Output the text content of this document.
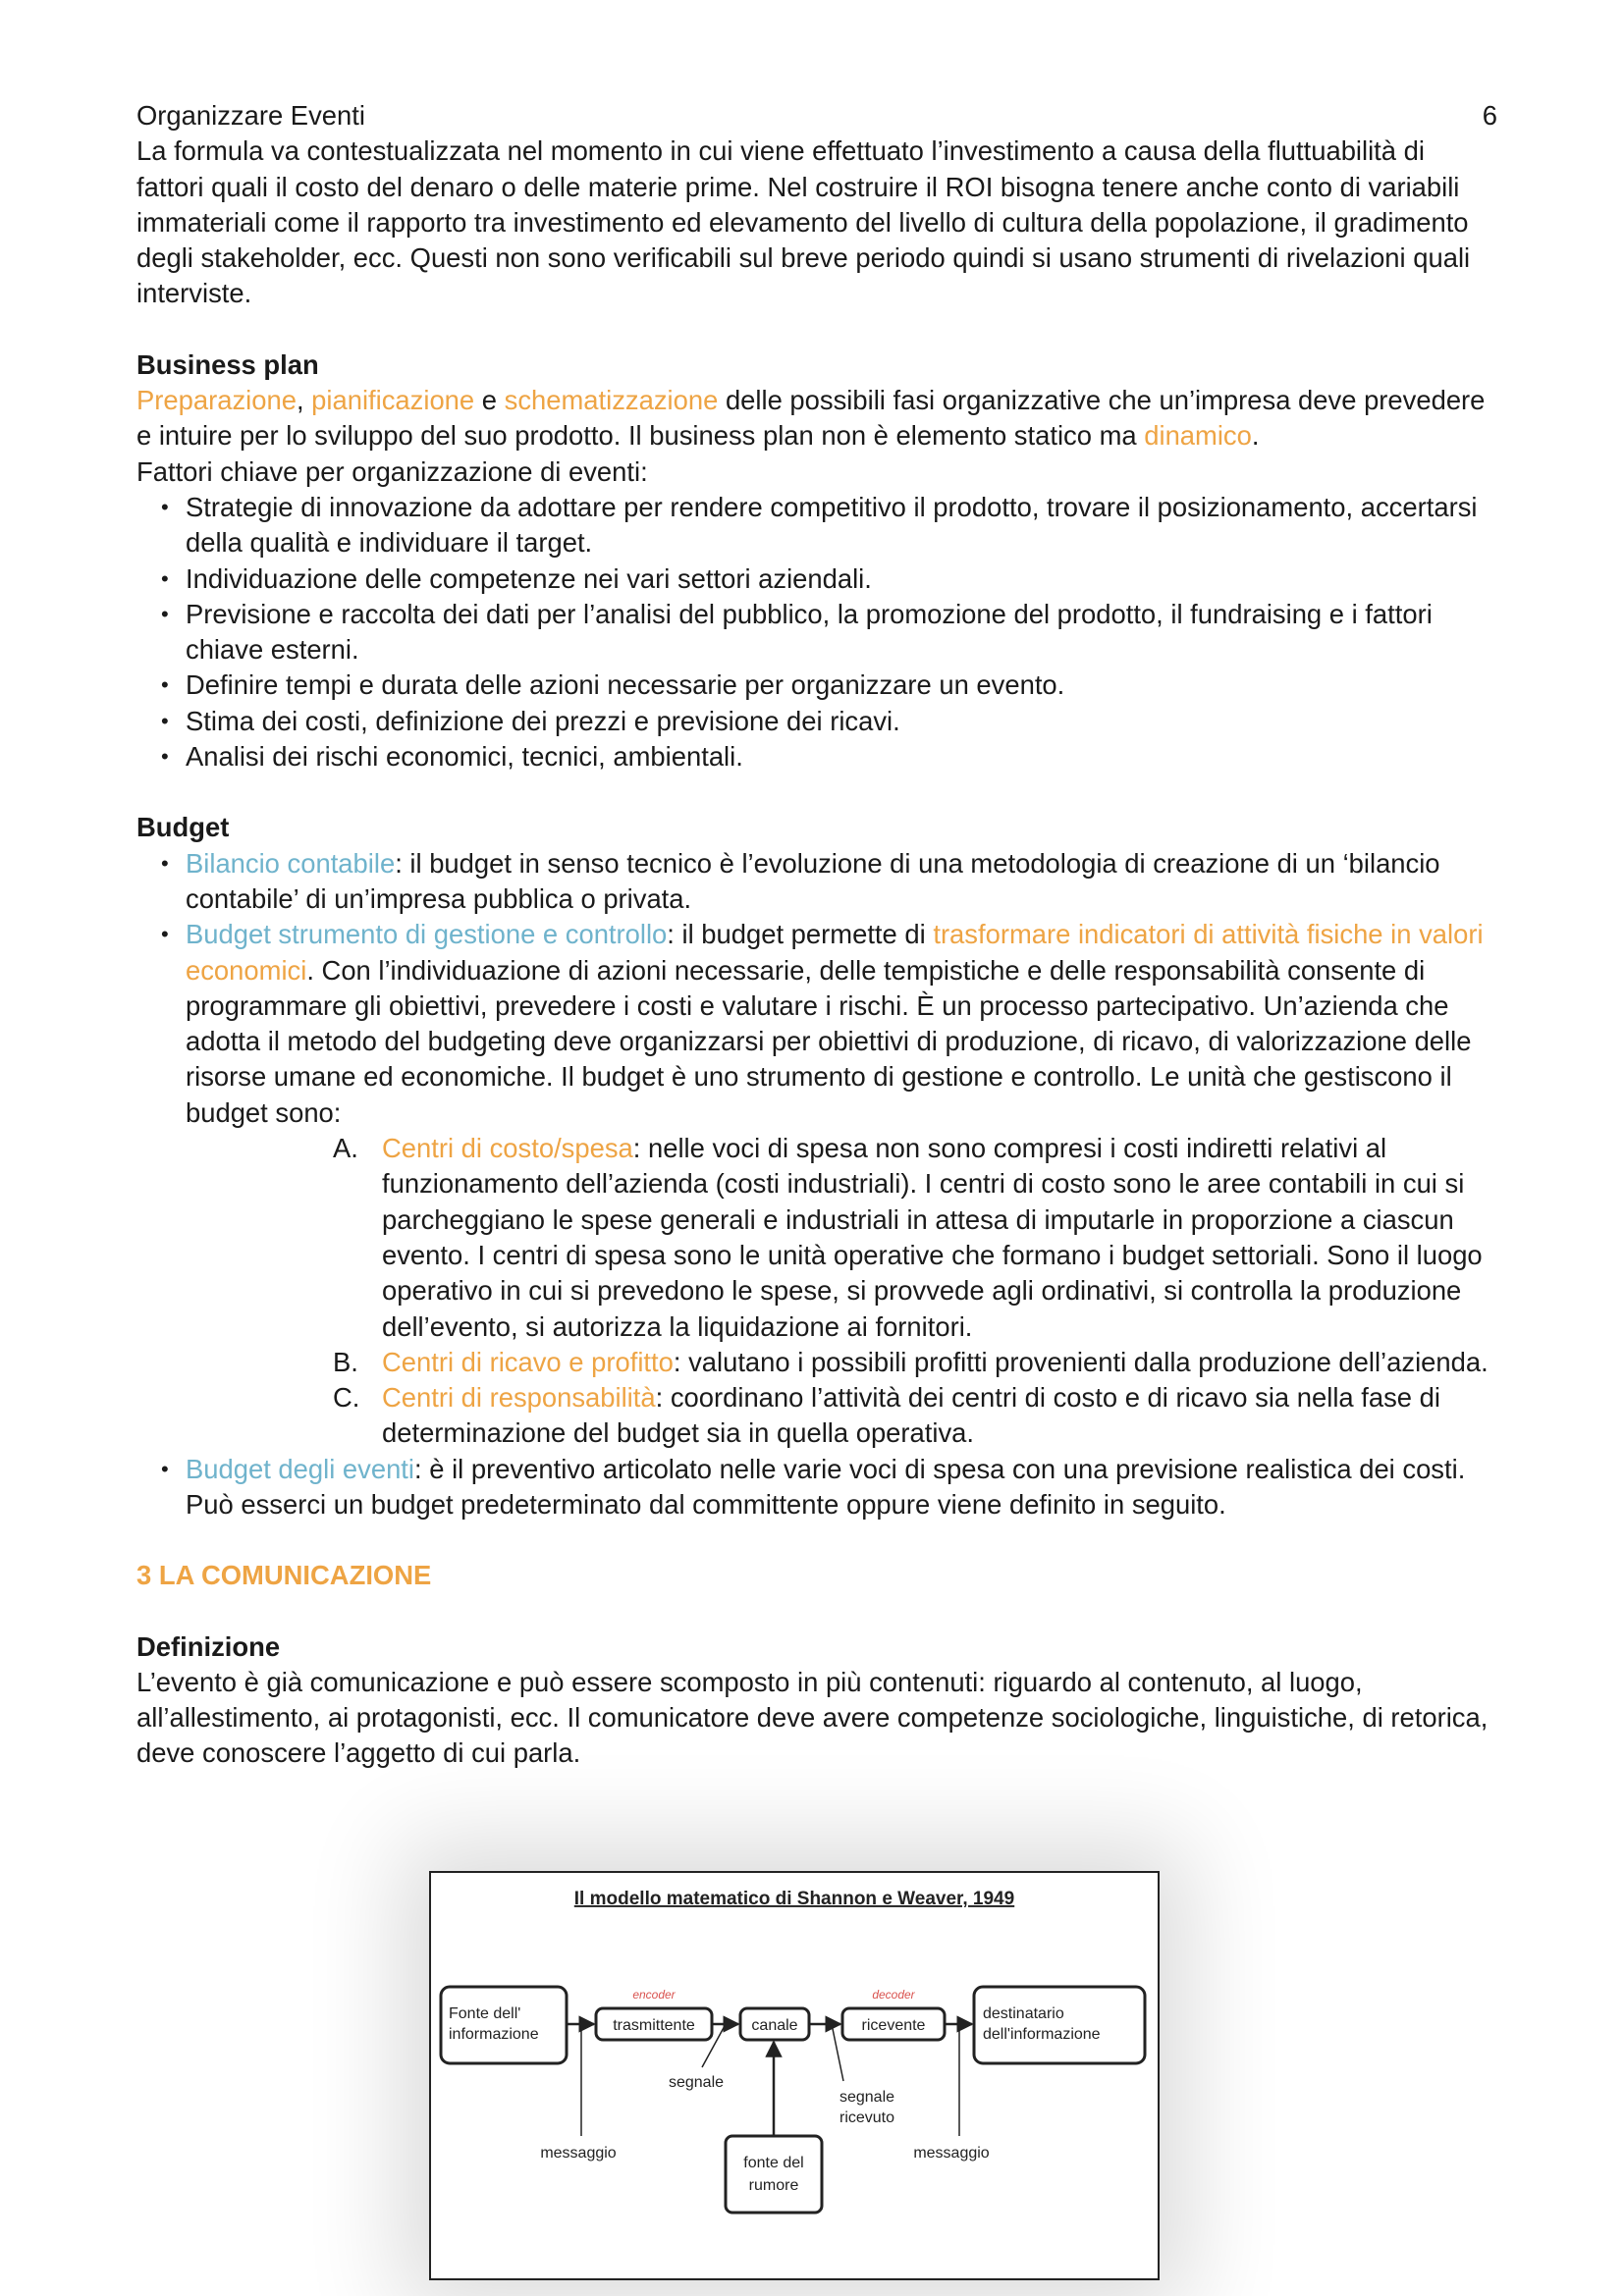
Organizzare Eventi	6
La formula va contestualizzata nel momento in cui viene effettuato l’investimento a causa della fluttuabilità di fattori quali il costo del denaro o delle materie prime. Nel costruire il ROI bisogna tenere anche conto di variabili immateriali come il rapporto tra investimento ed elevamento del livello di cultura della popolazione, il gradimento degli stakeholder, ecc. Questi non sono verificabili sul breve periodo quindi si usano strumenti di rivelazioni quali interviste.
Business plan
Preparazione, pianificazione e schematizzazione delle possibili fasi organizzative che un’impresa deve prevedere e intuire per lo sviluppo del suo prodotto. Il business plan non è elemento statico ma dinamico.
Fattori chiave per organizzazione di eventi:
• Strategie di innovazione da adottare per rendere competitivo il prodotto, trovare il posizionamento, accertarsi della qualità e individuare il target.
• Individuazione delle competenze nei vari settori aziendali.
• Previsione e raccolta dei dati per l’analisi del pubblico, la promozione del prodotto, il fundraising e i fattori chiave esterni.
• Definire tempi e durata delle azioni necessarie per organizzare un evento.
• Stima dei costi, definizione dei prezzi e previsione dei ricavi.
• Analisi dei rischi economici, tecnici, ambientali.
Budget
• Bilancio contabile: il budget in senso tecnico è l’evoluzione di una metodologia di creazione di un ‘bilancio contabile’ di un’impresa pubblica o privata.
• Budget strumento di gestione e controllo: il budget permette di trasformare indicatori di attività fisiche in valori economici. Con l’individuazione di azioni necessarie, delle tempistiche e delle responsabilità consente di programmare gli obiettivi, prevedere i costi e valutare i rischi. È un processo partecipativo. Un’azienda che adotta il metodo del budgeting deve organizzarsi per obiettivi di produzione, di ricavo, di valorizzazione delle risorse umane ed economiche. Il budget è uno strumento di gestione e controllo. Le unità che gestiscono il budget sono:
A. Centri di costo/spesa: nelle voci di spesa non sono compresi i costi indiretti relativi al funzionamento dell’azienda (costi industriali). I centri di costo sono le aree contabili in cui si parcheggiano le spese generali e industriali in attesa di imputarle in proporzione a ciascun evento. I centri di spesa sono le unità operative che formano i budget settoriali. Sono il luogo operativo in cui si prevedono le spese, si provvede agli ordinativi, si controlla la produzione dell’evento, si autorizza la liquidazione ai fornitori.
B. Centri di ricavo e profitto: valutano i possibili profitti provenienti dalla produzione dell’azienda.
C. Centri di responsabilità: coordinano l’attività dei centri di costo e di ricavo sia nella fase di determinazione del budget sia in quella operativa.
• Budget degli eventi: è il preventivo articolato nelle varie voci di spesa con una previsione realistica dei costi. Può esserci un budget predeterminato dal committente oppure viene definito in seguito.
3 LA COMUNICAZIONE
Definizione
L’evento è già comunicazione e può essere scomposto in più contenuti: riguardo al contenuto, al luogo, all’allestimento, ai protagonisti, ecc. Il comunicatore deve avere competenze sociologiche, linguistiche, di retorica, deve conoscere l’aggetto di cui parla.
Il modello matematico di Shannon e Weaver, 1949
Fonte dell'
informazione
trasmittente
encoder
canale	ricevente
decoder
destinatario
dell'informazione
fonte del
rumore
segnale
segnale
ricevuto
messaggio	messaggio
